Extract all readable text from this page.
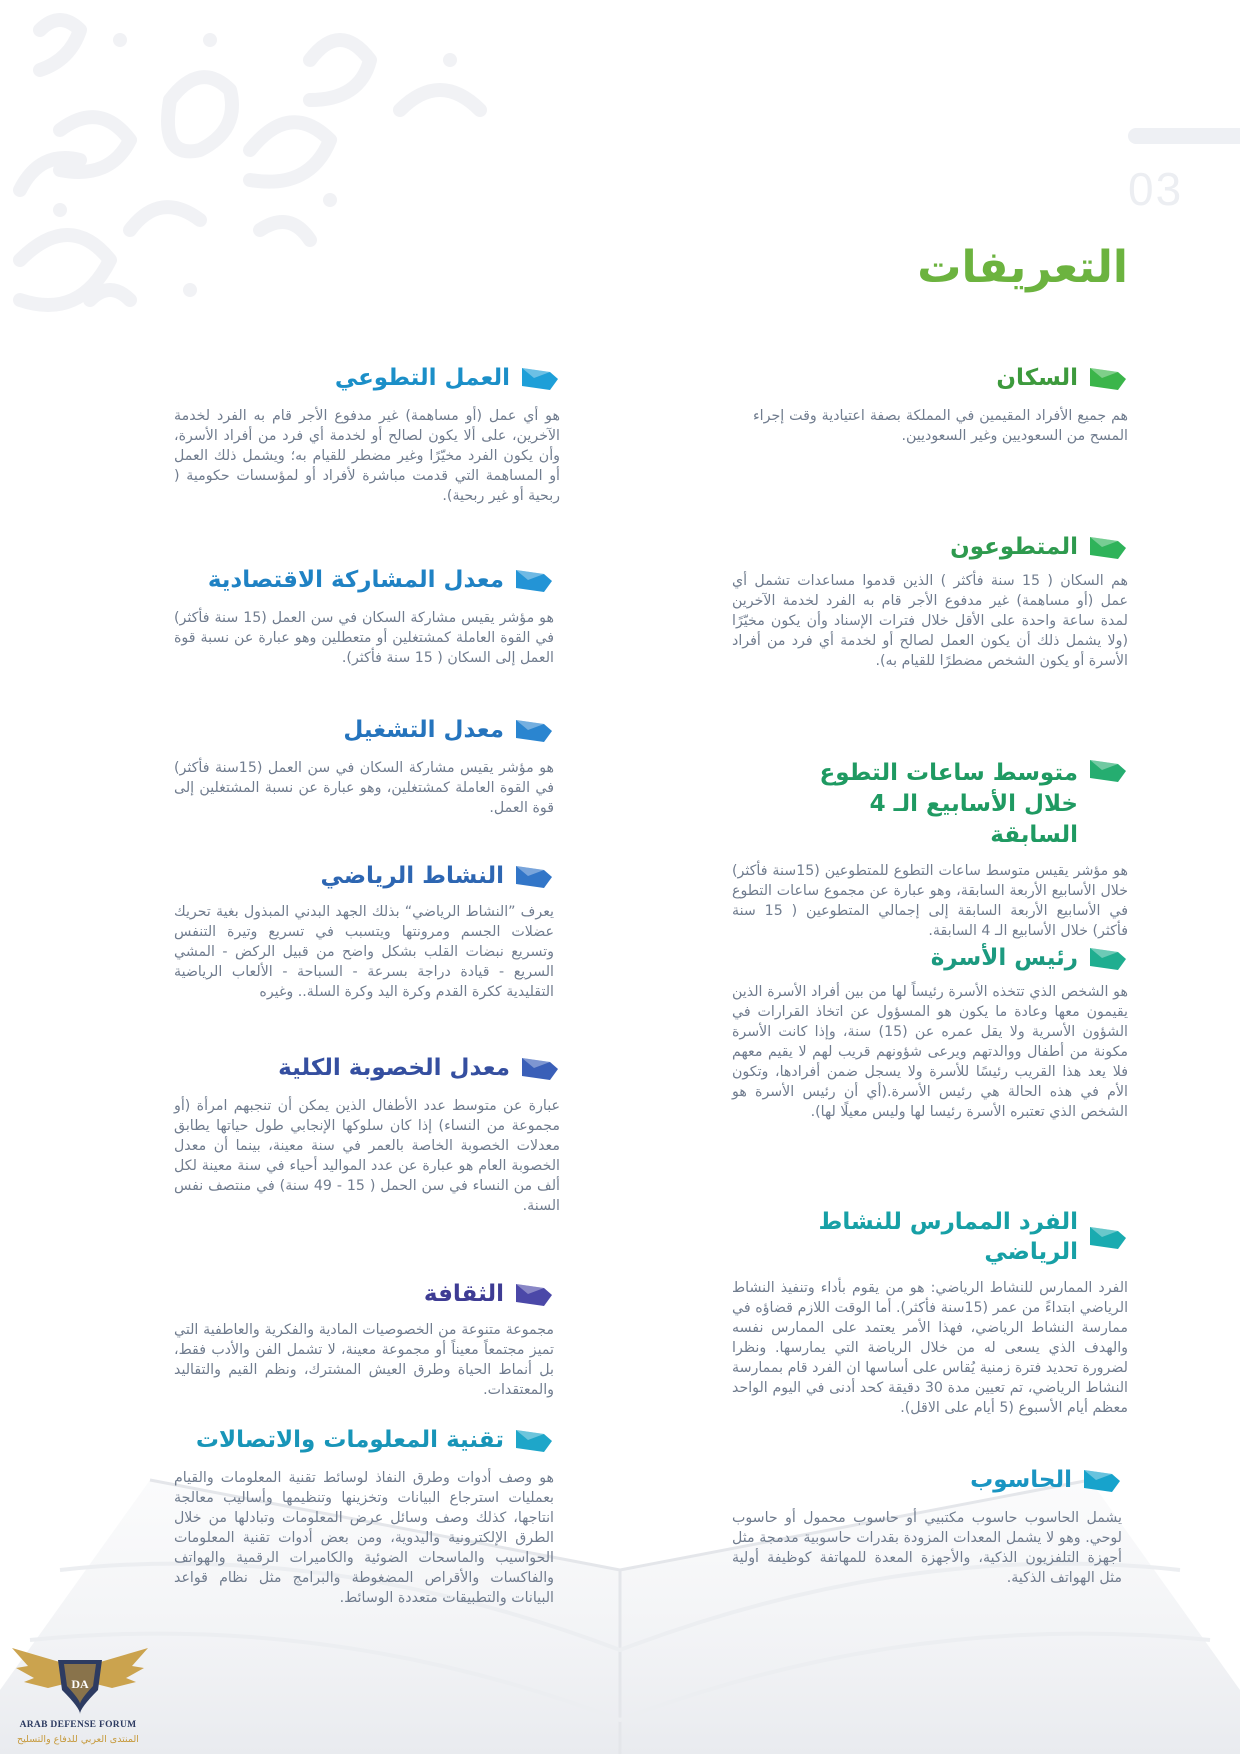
03
التعريفات
السكان

هم جميع الأفراد المقيمين في المملكة بصفة اعتيادية وقت إجراء المسح من السعوديين وغير السعوديين.

المتطوعون

هم السكان ( 15 سنة فأكثر ) الذين قدموا مساعدات تشمل أي عمل (أو مساهمة) غير مدفوع الأجر قام به الفرد لخدمة الآخرين لمدة ساعة واحدة على الأقل خلال فترات الإسناد وأن يكون مخيّرًا (ولا يشمل ذلك أن يكون العمل لصالح أو لخدمة أي فرد من أفراد الأسرة أو يكون الشخص مضطرًا للقيام به).

متوسط ساعات التطوع خلال الأسابيع الـ 4 السابقة

هو مؤشر يقيس متوسط ساعات التطوع للمتطوعين (15سنة فأكثر) خلال الأسابيع الأربعة السابقة، وهو عبارة عن مجموع ساعات التطوع في الأسابيع الأربعة السابقة إلى إجمالي المتطوعين ( 15 سنة فأكثر) خلال الأسابيع الـ 4 السابقة.

رئيس الأسرة

هو الشخص الذي تتخذه الأسرة رئيساً لها من بين أفراد الأسرة الذين يقيمون معها وعادة ما يكون هو المسؤول عن اتخاذ القرارات في الشؤون الأسرية ولا يقل عمره عن (15) سنة، وإذا كانت الأسرة مكونة من أطفال ووالدتهم ويرعى شؤونهم قريب لهم لا يقيم معهم فلا يعد هذا القريب رئيسًا للأسرة ولا يسجل ضمن أفرادها، وتكون الأم في هذه الحالة هي رئيس الأسرة.(أي أن رئيس الأسرة هو الشخص الذي تعتبره الأسرة رئيسا لها وليس معيلًا لها).

الفرد الممارس للنشاط الرياضي

الفرد الممارس للنشاط الرياضي: هو من يقوم بأداء وتنفيذ النشاط الرياضي ابتداءً من عمر (15سنة فأكثر). أما الوقت اللازم قضاؤه في ممارسة النشاط الرياضي، فهذا الأمر يعتمد على الممارس نفسه والهدف الذي يسعى له من خلال الرياضة التي يمارسها. ونظرا لضرورة تحديد فترة زمنية يُقاس على أساسها ان الفرد قام بممارسة النشاط الرياضي، تم تعيين مدة 30 دقيقة كحد أدنى في اليوم الواحد معظم أيام الأسبوع (5 أيام على الاقل).

الحاسوب

يشمل الحاسوب حاسوب مكتبيي أو حاسوب محمول أو حاسوب لوحي. وهو لا يشمل المعدات المزودة بقدرات حاسوبية مدمجة مثل أجهزة التلفزيون الذكية، والأجهزة المعدة للمهاتفة كوظيفة أولية مثل الهواتف الذكية.

العمل التطوعي

هو أي عمل (أو مساهمة) غير مدفوع الأجر قام به الفرد لخدمة الآخرين، على ألا يكون لصالح أو لخدمة أي فرد من أفراد الأسرة، وأن يكون الفرد مخيّرًا وغير مضطر للقيام به؛ ويشمل ذلك العمل أو المساهمة التي قدمت مباشرة لأفراد أو لمؤسسات حكومية ( ربحية أو غير ربحية).

معدل المشاركة الاقتصادية

هو مؤشر يقيس مشاركة السكان في سن العمل (15 سنة فأكثر) في القوة العاملة كمشتغلين أو متعطلين وهو عبارة عن نسبة قوة العمل إلى السكان ( 15 سنة فأكثر).

معدل التشغيل

هو مؤشر يقيس مشاركة السكان في سن العمل (15سنة فأكثر) في القوة العاملة كمشتغلين، وهو عبارة عن نسبة المشتغلين إلى قوة العمل.

النشاط الرياضي

يعرف ”النشاط الرياضي“ بذلك الجهد البدني المبذول بغية تحريك عضلات الجسم ومرونتها ويتسبب في تسريع وتيرة التنفس وتسريع نبضات القلب بشكل واضح من قبيل الركض - المشي السريع - قيادة دراجة بسرعة - السباحة - الألعاب الرياضية التقليدية ككرة القدم وكرة اليد وكرة السلة.. وغيره

معدل الخصوبة الكلية

عبارة عن متوسط عدد الأطفال الذين يمكن أن تنجبهم امرأة (أو مجموعة من النساء) إذا كان سلوكها الإنجابي طول حياتها يطابق معدلات الخصوبة الخاصة بالعمر في سنة معينة، بينما أن معدل الخصوبة العام هو عبارة عن عدد المواليد أحياء في سنة معينة لكل ألف من النساء في سن الحمل ( 15 - 49 سنة) في منتصف نفس السنة.

الثقافة

مجموعة متنوعة من الخصوصيات المادية والفكرية والعاطفية التي تميز مجتمعاً معيناً أو مجموعة معينة، لا تشمل الفن والأدب فقط، بل أنماط الحياة وطرق العيش المشترك، ونظم القيم والتقاليد والمعتقدات.

تقنية المعلومات والاتصالات

هو وصف أدوات وطرق النفاذ لوسائط تقنية المعلومات والقيام بعمليات استرجاع البيانات وتخزينها وتنظيمها وأساليب معالجة انتاجها، كذلك وصف وسائل عرض المعلومات وتبادلها من خلال الطرق الإلكترونية واليدوية، ومن بعض أدوات تقنية المعلومات الحواسيب والماسحات الضوئية والكاميرات الرقمية والهواتف والفاكسات والأقراص المضغوطة والبرامج مثل نظام قواعد البيانات والتطبيقات متعددة الوسائط.

DA
ARAB DEFENSE FORUM
المنتدى العربي للدفاع والتسليح
